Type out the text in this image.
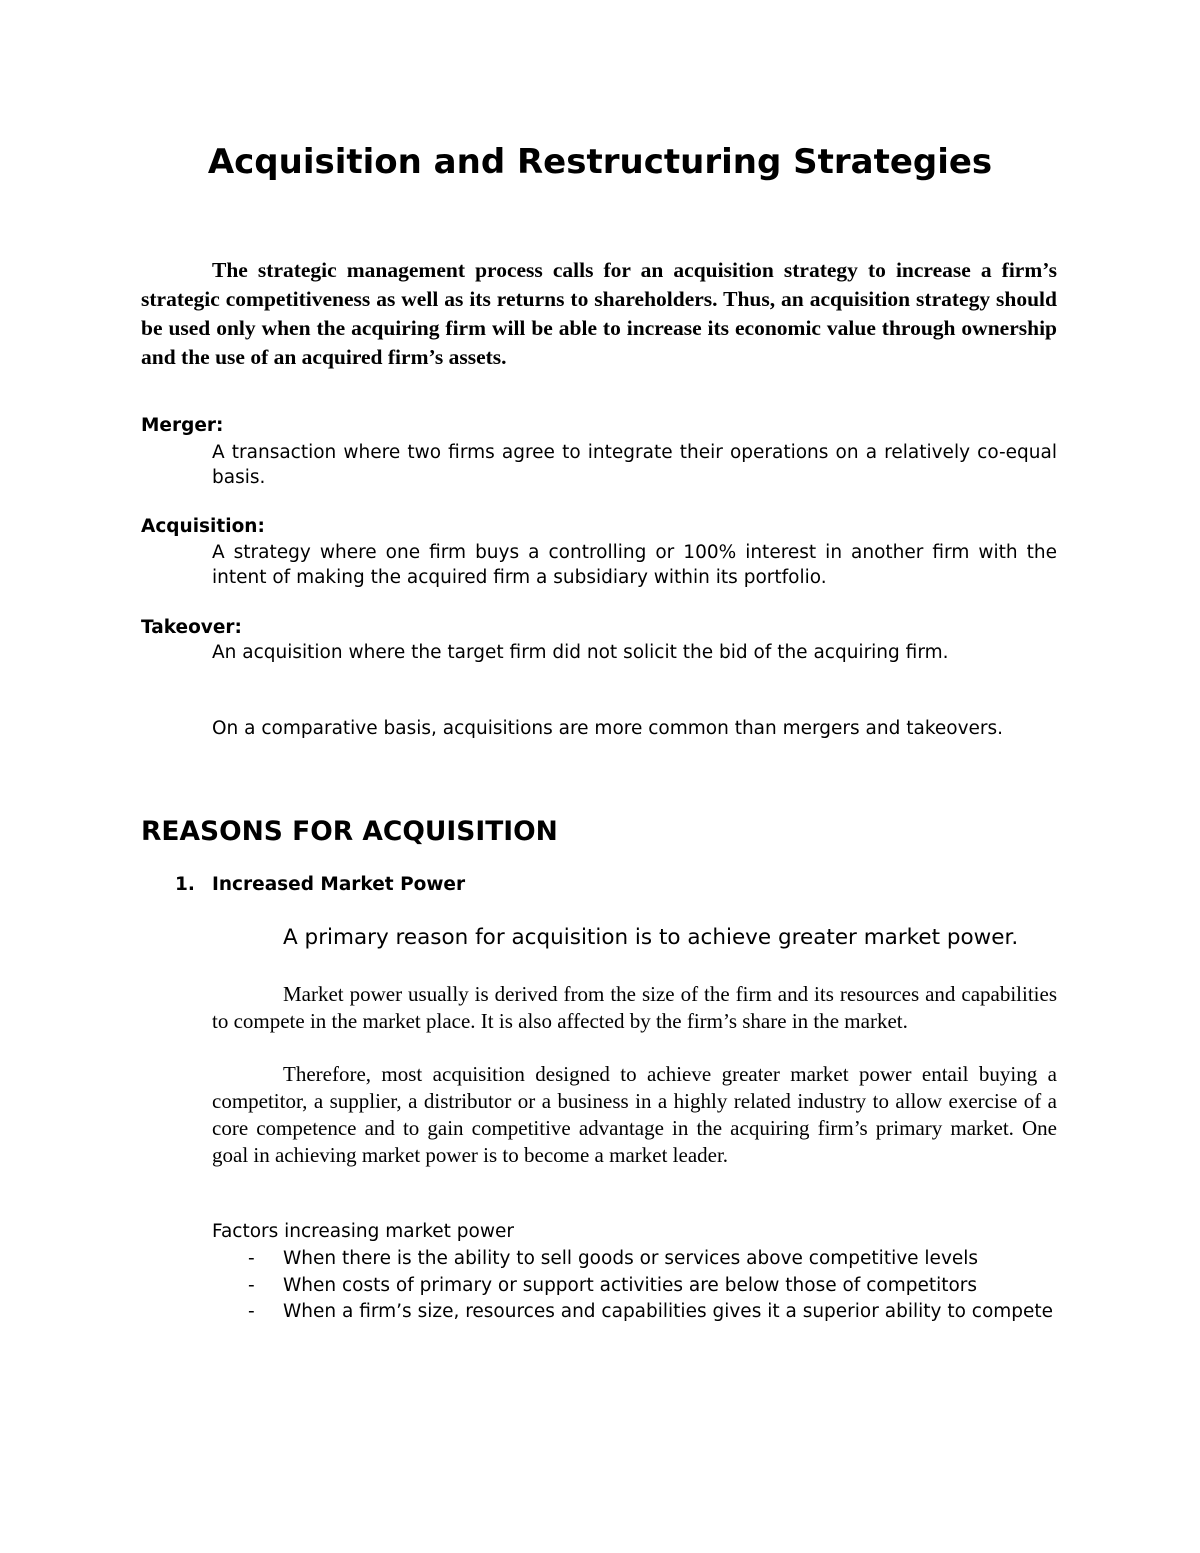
Acquisition and Restructuring Strategies

The strategic management process calls for an acquisition strategy to increase a firm’s strategic competitiveness as well as its returns to shareholders. Thus, an acquisition strategy should be used only when the acquiring firm will be able to increase its economic value through ownership and the use of an acquired firm’s assets.

Merger:

A transaction where two firms agree to integrate their operations on a relatively co-equal basis.

Acquisition:

A strategy where one firm buys a controlling or 100% interest in another firm with the intent of making the acquired firm a subsidiary within its portfolio.

Takeover:

An acquisition where the target firm did not solicit the bid of the acquiring firm.

On a comparative basis, acquisitions are more common than mergers and takeovers.

REASONS FOR ACQUISITION

1. Increased Market Power

A primary reason for acquisition is to achieve greater market power.

Market power usually is derived from the size of the firm and its resources and capabilities to compete in the market place. It is also affected by the firm’s share in the market.

Therefore, most acquisition designed to achieve greater market power entail buying a competitor, a supplier, a distributor or a business in a highly related industry to allow exercise of a core competence and to gain competitive advantage in the acquiring firm’s primary market. One goal in achieving market power is to become a market leader.

Factors increasing market power

- When there is the ability to sell goods or services above competitive levels
- When costs of primary or support activities are below those of competitors
- When a firm’s size, resources and capabilities gives it a superior ability to compete
